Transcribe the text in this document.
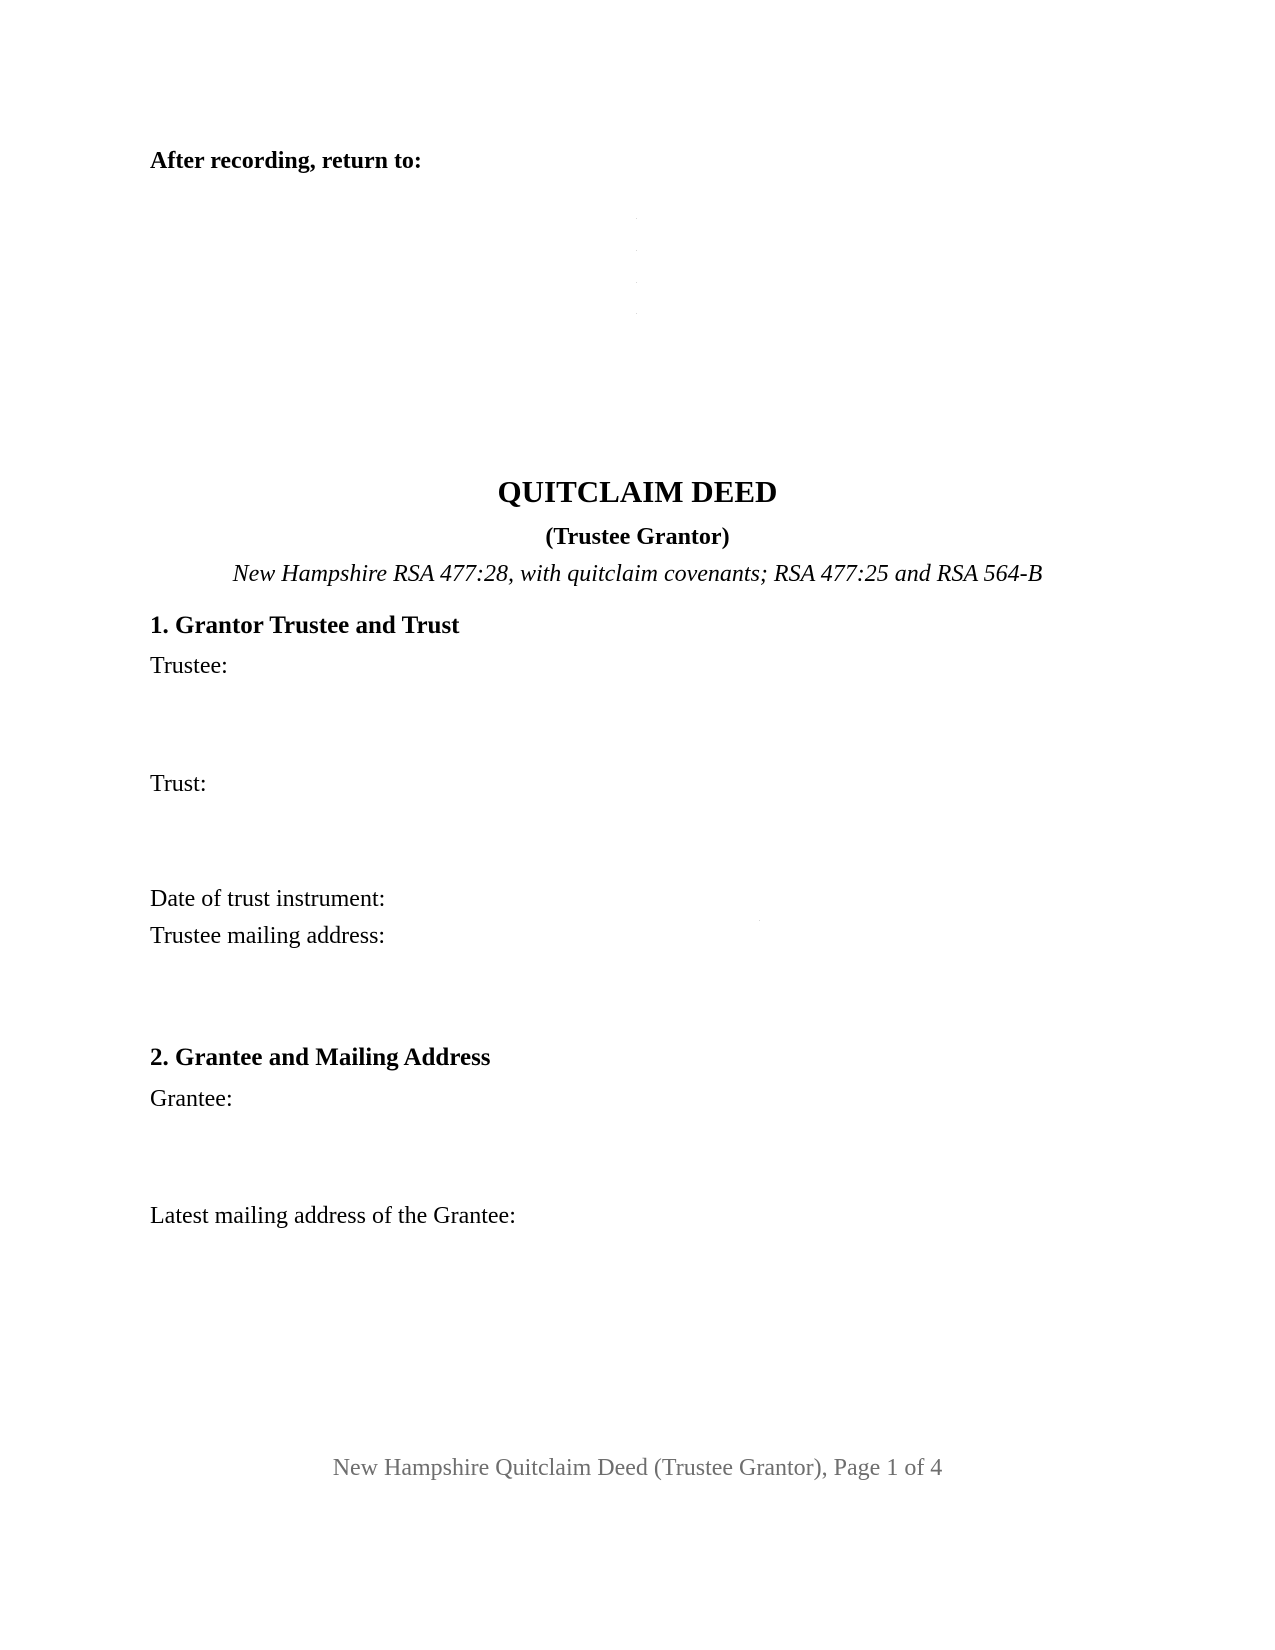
After recording, return to:
QUITCLAIM DEED
(Trustee Grantor)
New Hampshire RSA 477:28, with quitclaim covenants; RSA 477:25 and RSA 564-B
1. Grantor Trustee and Trust
Trustee:
Trust:
Date of trust instrument:
Trustee mailing address:
2. Grantee and Mailing Address
Grantee:
Latest mailing address of the Grantee:
New Hampshire Quitclaim Deed (Trustee Grantor), Page 1 of 4
